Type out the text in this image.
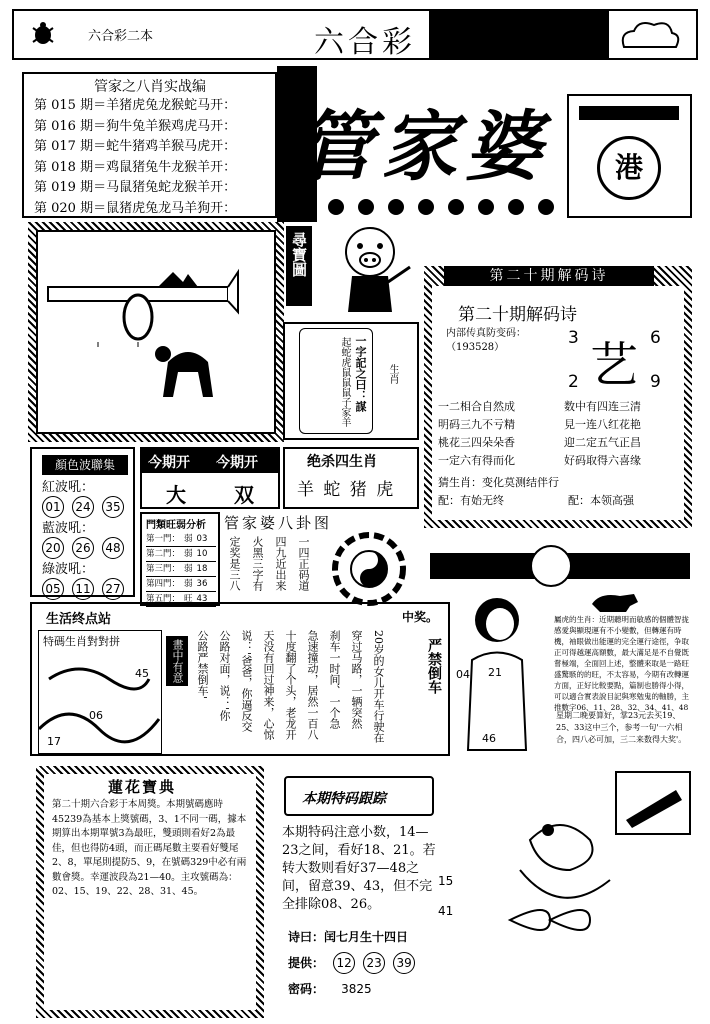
六合彩二本	六合彩
管家之八肖实战编
第 015 期＝羊猪虎兔龙猴蛇马开：
第 016 期＝狗牛兔羊猴鸡虎马开：
第 017 期＝蛇牛猪鸡羊猴马虎开：
第 018 期＝鸡鼠猪兔牛龙猴羊开：
第 019 期＝马鼠猪兔蛇龙猴羊开：
第 020 期＝鼠猪虎兔龙马羊狗开：
管家婆	港
尋寶圖
一字記之曰：謀
起蛇虎鼠鼠鼠子家羊	生肖
第二十期解码诗
内部传真防变码：
（193528）	3	6
2	9
艺
一二相合自然成	数中有四连三清
明码三九不亏精	見一连八红花艳
桃花三四朵朵香	迎二定五气正昌
一定六有得而化	好码取得六喜缘
猜生肖：变化莫测结伴行
配：有始无终	配：本领高强
第二十期解码诗
顏色波聯集
紅波吼：
01 24 35
藍波吼：
20 26 48
綠波吼：
05 11 27
今期开 今期开
大 双
绝杀四生肖
羊 蛇 猪 虎
門類旺弱分析
第一門： 弱 03
第二門： 弱 10
第三門： 弱 18
第四門： 弱 36
第五門： 旺 43
管家婆八卦图
一四正码道
四九近出来
火黑三字有
定奖是三八
生活终点站	中奖。
特碼生肖對對拼
45
06
17
畫中有意	20岁的女儿开车行驶在
穿过马路，一辆突然
刹车一时间、一个急
急速撞动，居然一百八
十度翻了个头，老龙开
天没有回过神来，心惊
说：'爸爸，你逼反交
公路对面，说：'你
公路严禁倒车'	严禁倒车 04 21
46
屬虎的生肖：近期聽明而敏感的個體智拢感愛與顯現運有不小變數，但轉運有時機，袖眼做出能運的完全運行途徑，争取正可得越運高額數，最大滿足是不自覺既嘗極端，全面回上述，整體來取是一路旺盛驚駭的的旺，不太容易，今期有改轉運方面，正好比較要點，篇制也勝得小得，可以適合實表說目記與寒勉鬼的軸勝，主推數字06、11、28、32、34、41、48
星期二晚要算好，掌23元去买19、25、33这中三个，参考一句'一六相合，四八必可加，三二来数得大奖'。
蓮花寶典
第二十期六合彩于本周獎。本期號碼應時45239為基本上獎號碼，3、1不同一碼，據本期算出本期單號3為最旺，雙頭則看好2為最佳，但也得防4頭，而正碼尾數主要看好雙尾2、8，單尾則提防5、9，在號碼329中必有兩數會獎。幸運波段為21—40。主攻號碼為：02、15、19、22、28、31、45。
本期特码跟踪
本期特码注意小数，14—23之间，看好18、21。若转大数则看好37—48之间，留意39、43，但不完全排除08、26。
诗曰：闰七月生十四日
提供： 12 23 39
密码： 3825
15
41
